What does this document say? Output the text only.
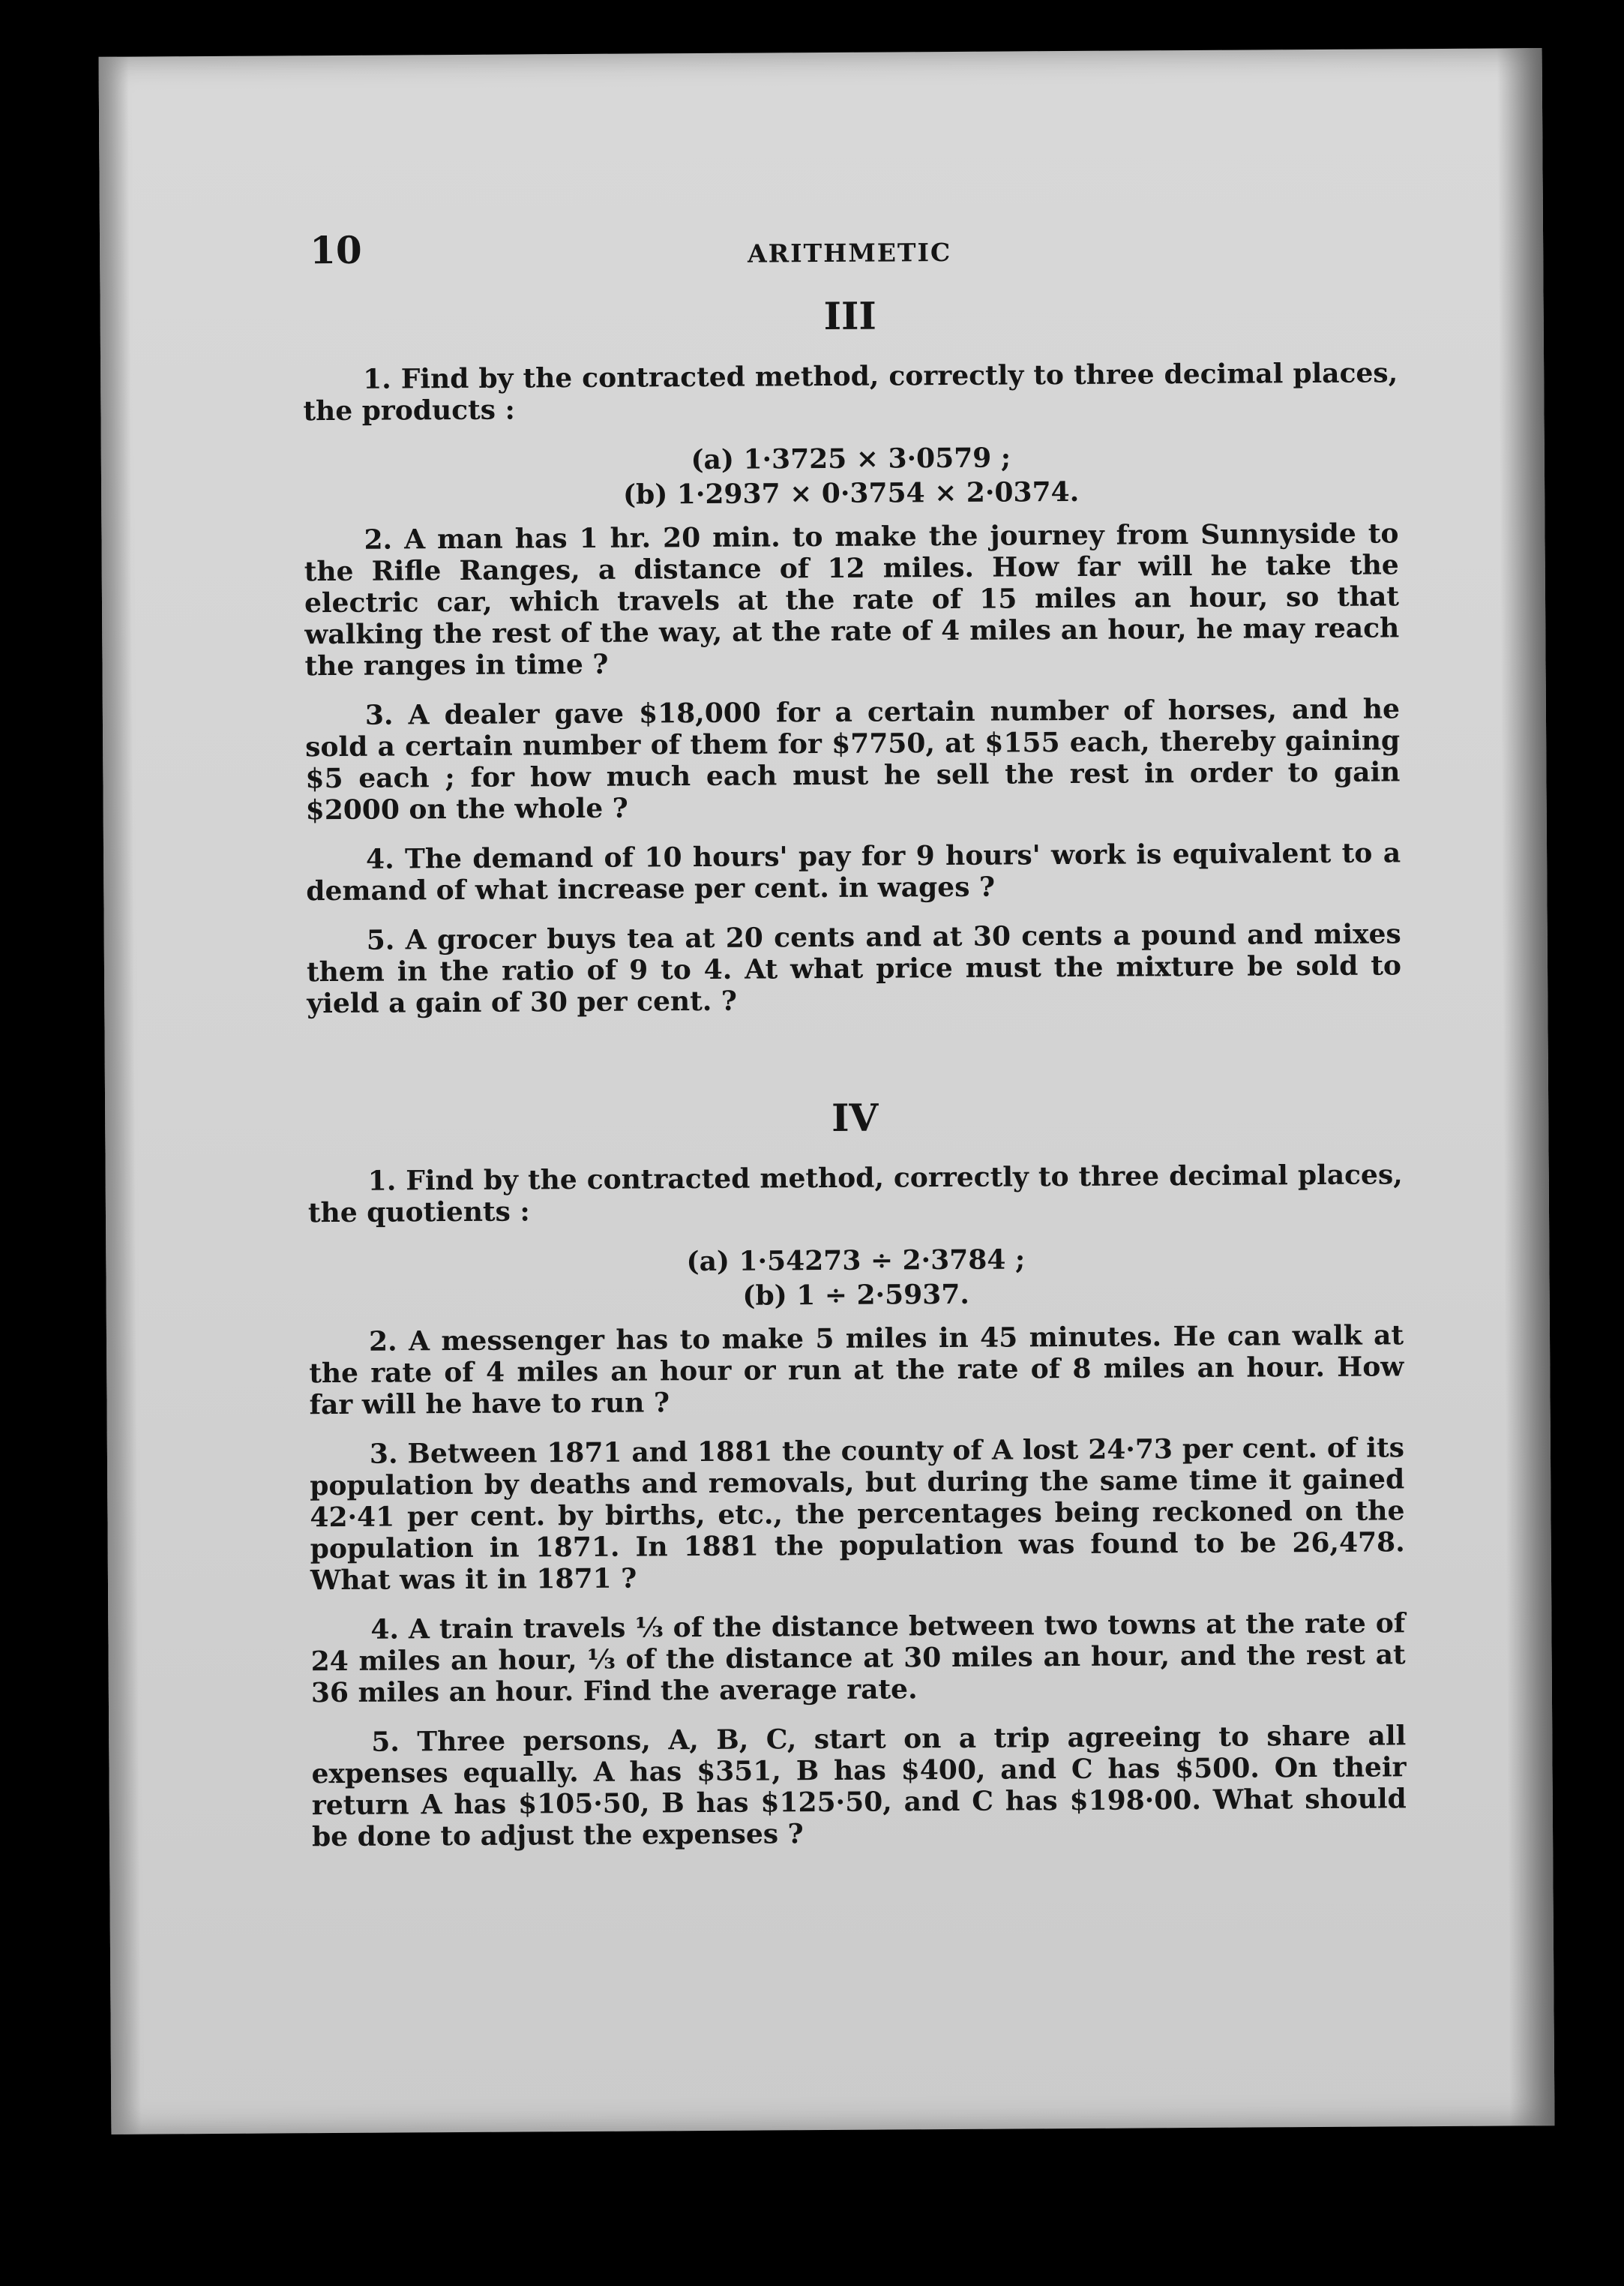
10	ARITHMETIC
III

1. Find by the contracted method, correctly to three decimal places, the products :

(a) 1·3725 × 3·0579 ;
(b) 1·2937 × 0·3754 × 2·0374.

2. A man has 1 hr. 20 min. to make the journey from Sunnyside to the Rifle Ranges, a distance of 12 miles. How far will he take the electric car, which travels at the rate of 15 miles an hour, so that walking the rest of the way, at the rate of 4 miles an hour, he may reach the ranges in time ?

3. A dealer gave $18,000 for a certain number of horses, and he sold a certain number of them for $7750, at $155 each, thereby gaining $5 each ; for how much each must he sell the rest in order to gain $2000 on the whole ?

4. The demand of 10 hours' pay for 9 hours' work is equivalent to a demand of what increase per cent. in wages ?

5. A grocer buys tea at 20 cents and at 30 cents a pound and mixes them in the ratio of 9 to 4. At what price must the mixture be sold to yield a gain of 30 per cent. ?

IV

1. Find by the contracted method, correctly to three decimal places, the quotients :

(a) 1·54273 ÷ 2·3784 ;
(b) 1 ÷ 2·5937.

2. A messenger has to make 5 miles in 45 minutes. He can walk at the rate of 4 miles an hour or run at the rate of 8 miles an hour. How far will he have to run ?

3. Between 1871 and 1881 the county of A lost 24·73 per cent. of its population by deaths and removals, but during the same time it gained 42·41 per cent. by births, etc., the percentages being reckoned on the population in 1871. In 1881 the population was found to be 26,478. What was it in 1871 ?

4. A train travels ⅓ of the distance between two towns at the rate of 24 miles an hour, ⅓ of the distance at 30 miles an hour, and the rest at 36 miles an hour. Find the average rate.

5. Three persons, A, B, C, start on a trip agreeing to share all expenses equally. A has $351, B has $400, and C has $500. On their return A has $105·50, B has $125·50, and C has $198·00. What should be done to adjust the expenses ?
